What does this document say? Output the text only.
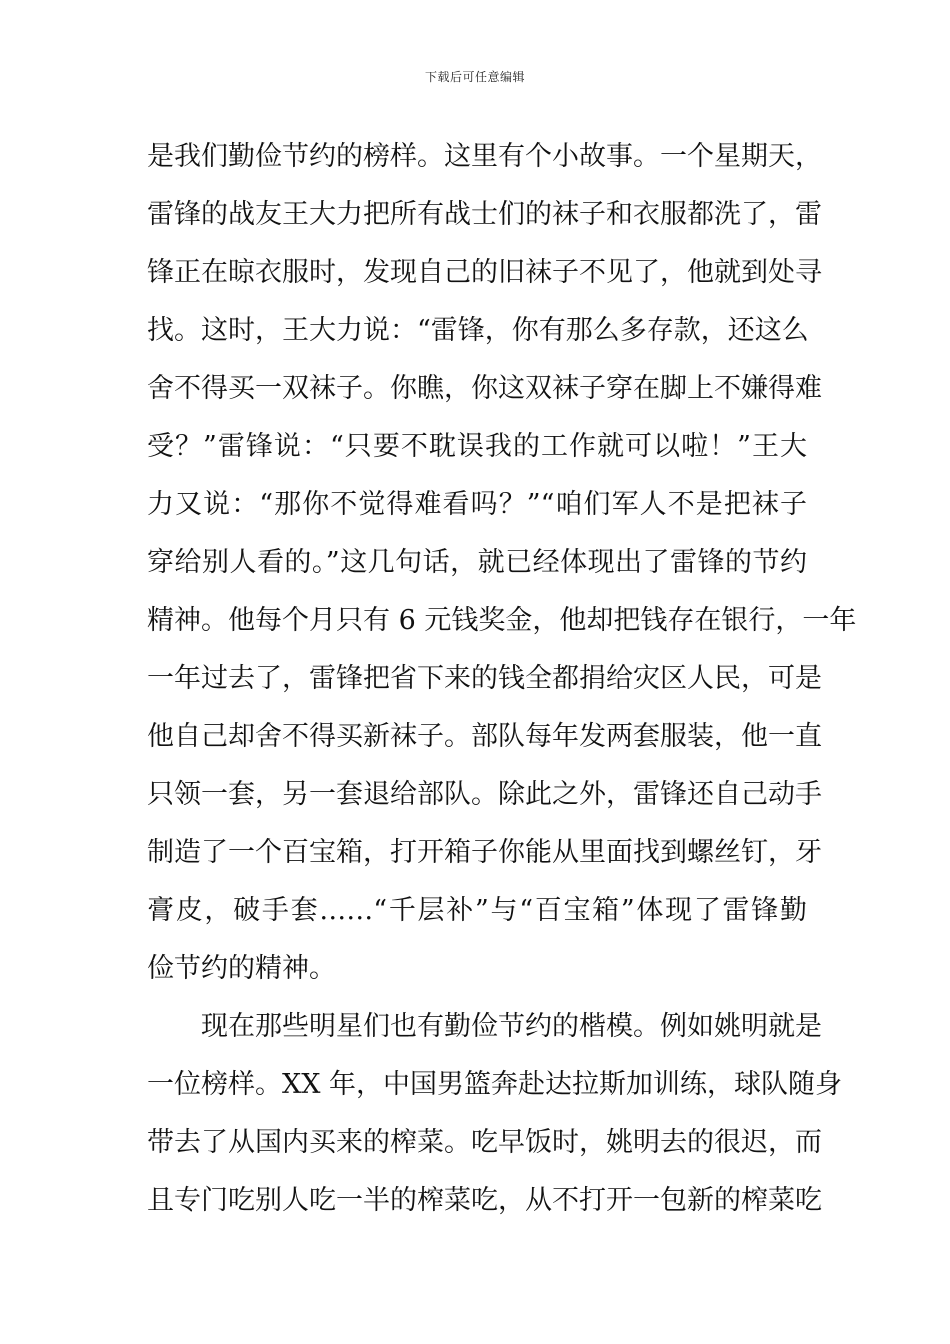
下载后可任意编辑
是我们勤俭节约的榜样。这里有个小故事。一个星期天，
雷锋的战友王大力把所有战士们的袜子和衣服都洗了，雷
锋正在晾衣服时，发现自己的旧袜子不见了，他就到处寻
找。这时，王大力说：“雷锋，你有那么多存款，还这么
舍不得买一双袜子。你瞧，你这双袜子穿在脚上不嫌得难
受？”雷锋说：“只要不耽误我的工作就可以啦！”王大
力又说：“那你不觉得难看吗？”“咱们军人不是把袜子
穿给别人看的。”这几句话，就已经体现出了雷锋的节约
精神。他每个月只有 6 元钱奖金，他却把钱存在银行，一年
一年过去了，雷锋把省下来的钱全都捐给灾区人民，可是
他自己却舍不得买新袜子。部队每年发两套服装，他一直
只领一套，另一套退给部队。除此之外，雷锋还自己动手
制造了一个百宝箱，打开箱子你能从里面找到螺丝钉，牙
膏皮，破手套……“千层补”与“百宝箱”体现了雷锋勤
俭节约的精神。
现在那些明星们也有勤俭节约的楷模。例如姚明就是
一位榜样。XX 年，中国男篮奔赴达拉斯加训练，球队随身
带去了从国内买来的榨菜。吃早饭时，姚明去的很迟，而
且专门吃别人吃一半的榨菜吃，从不打开一包新的榨菜吃
